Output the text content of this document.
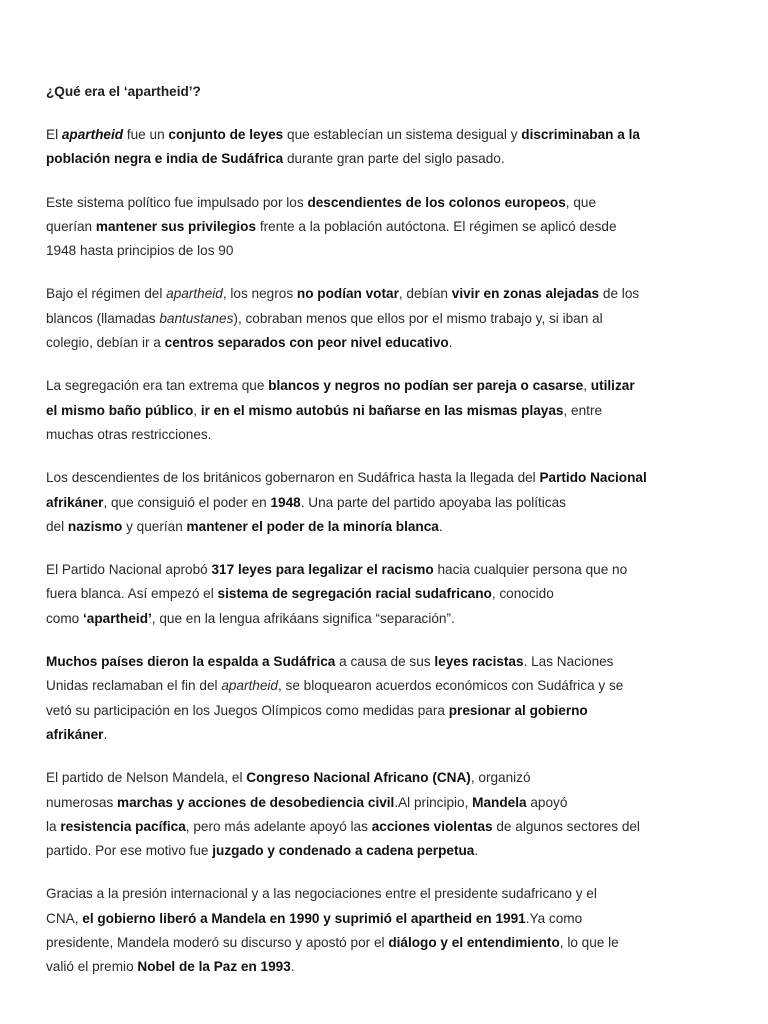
¿Qué era el ‘apartheid’?

El apartheid fue un conjunto de leyes que establecían un sistema desigual y discriminaban a la
población negra e india de Sudáfrica durante gran parte del siglo pasado.

Este sistema político fue impulsado por los descendientes de los colonos europeos, que
querían mantener sus privilegios frente a la población autóctona. El régimen se aplicó desde
1948 hasta principios de los 90

Bajo el régimen del apartheid, los negros no podían votar, debían vivir en zonas alejadas de los
blancos (llamadas bantustanes), cobraban menos que ellos por el mismo trabajo y, si iban al
colegio, debían ir a centros separados con peor nivel educativo.

La segregación era tan extrema que blancos y negros no podían ser pareja o casarse, utilizar
el mismo baño público, ir en el mismo autobús ni bañarse en las mismas playas, entre
muchas otras restricciones.

Los descendientes de los británicos gobernaron en Sudáfrica hasta la llegada del Partido Nacional
afrikáner, que consiguió el poder en 1948. Una parte del partido apoyaba las políticas
del nazismo y querían mantener el poder de la minoría blanca.

El Partido Nacional aprobó 317 leyes para legalizar el racismo hacia cualquier persona que no
fuera blanca. Así empezó el sistema de segregación racial sudafricano, conocido
como ‘apartheid’, que en la lengua afrikáans significa “separación”.

Muchos países dieron la espalda a Sudáfrica a causa de sus leyes racistas. Las Naciones
Unidas reclamaban el fin del apartheid, se bloquearon acuerdos económicos con Sudáfrica y se
vetó su participación en los Juegos Olímpicos como medidas para presionar al gobierno
afrikáner.

El partido de Nelson Mandela, el Congreso Nacional Africano (CNA), organizó
numerosas marchas y acciones de desobediencia civil.Al principio, Mandela apoyó
la resistencia pacífica, pero más adelante apoyó las acciones violentas de algunos sectores del
partido. Por ese motivo fue juzgado y condenado a cadena perpetua.

Gracias a la presión internacional y a las negociaciones entre el presidente sudafricano y el
CNA, el gobierno liberó a Mandela en 1990 y suprimió el apartheid en 1991.Ya como
presidente, Mandela moderó su discurso y apostó por el diálogo y el entendimiento, lo que le
valió el premio Nobel de la Paz en 1993.
